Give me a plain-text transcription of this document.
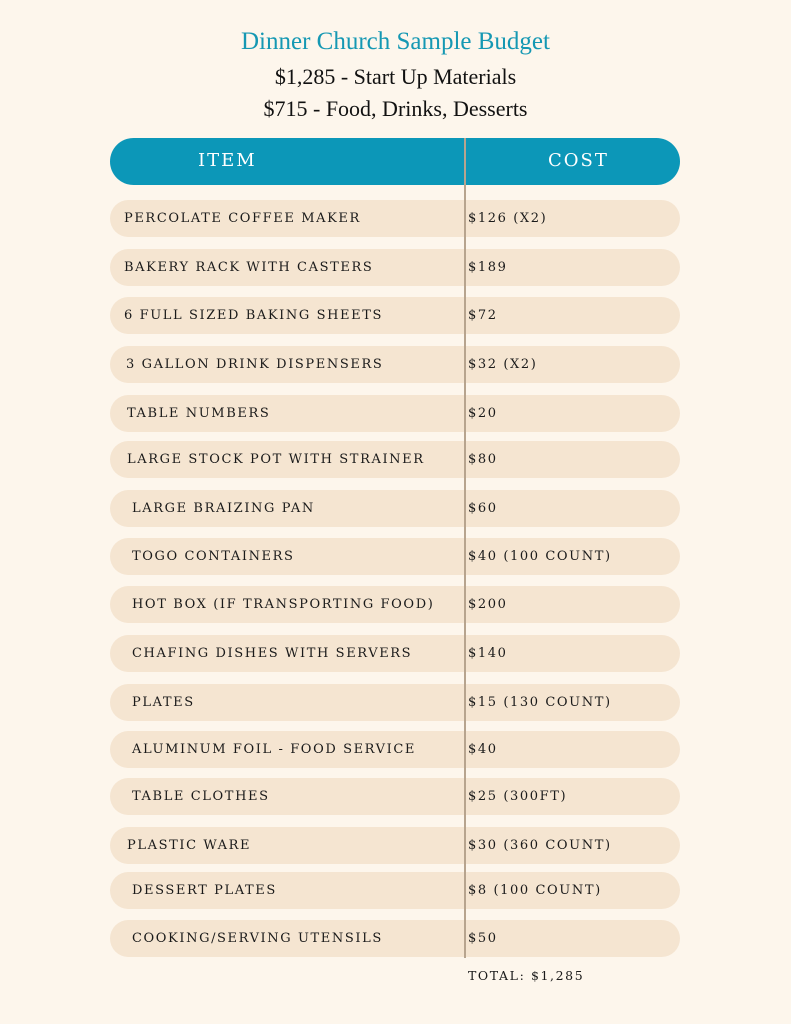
Dinner Church Sample Budget
$1,285 - Start Up Materials
$715 - Food, Drinks, Desserts
ITEM	COST
PERCOLATE COFFEE MAKER	$126 (X2)
BAKERY RACK WITH CASTERS	$189
6 FULL SIZED BAKING SHEETS	$72
3 GALLON DRINK DISPENSERS	$32 (X2)
TABLE NUMBERS	$20
LARGE STOCK POT WITH STRAINER	$80
LARGE BRAIZING PAN	$60
TOGO CONTAINERS	$40 (100 COUNT)
HOT BOX (IF TRANSPORTING FOOD)	$200
CHAFING DISHES WITH SERVERS	$140
PLATES	$15 (130 COUNT)
ALUMINUM FOIL - FOOD SERVICE	$40
TABLE CLOTHES	$25 (300FT)
PLASTIC WARE	$30 (360 COUNT)
DESSERT PLATES	$8 (100 COUNT)
COOKING/SERVING UTENSILS	$50
TOTAL: $1,285
